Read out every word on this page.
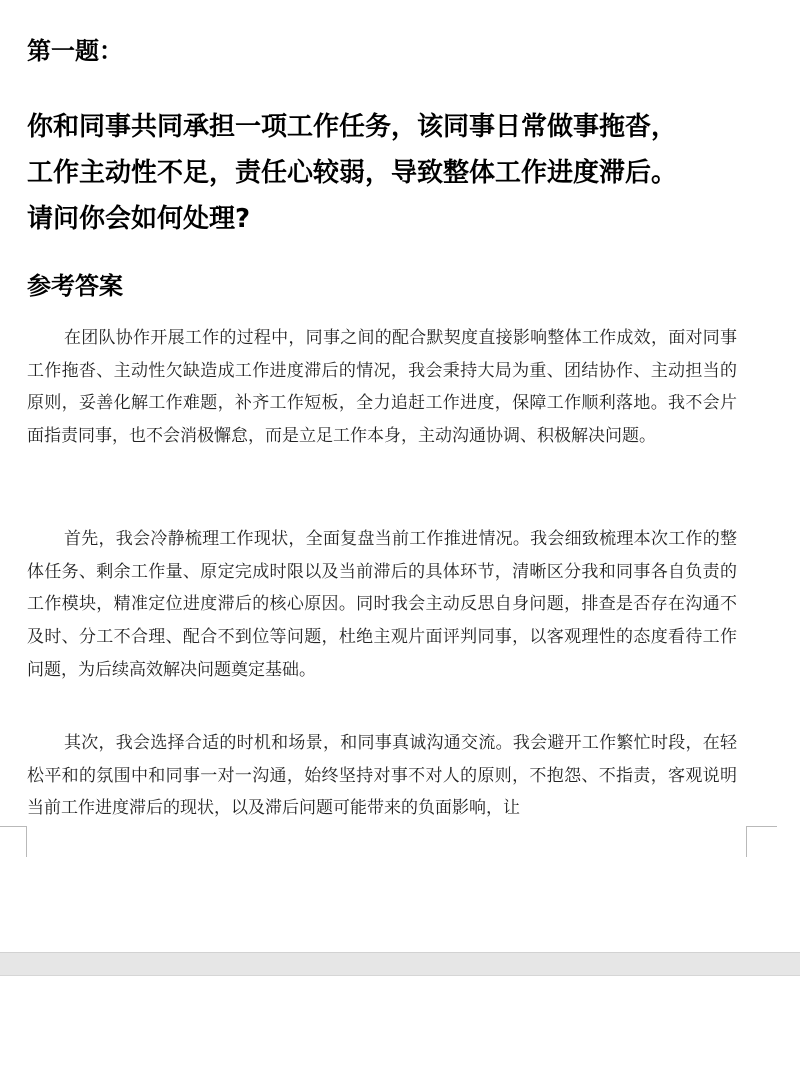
第一题：
你和同事共同承担一项工作任务，该同事日常做事拖沓，
工作主动性不足，责任心较弱，导致整体工作进度滞后。
请问你会如何处理?
参考答案

在团队协作开展工作的过程中，同事之间的配合默契度直接影响整体工作成效，面对同事工作拖沓、主动性欠缺造成工作进度滞后的情况，我会秉持大局为重、团结协作、主动担当的原则，妥善化解工作难题，补齐工作短板，全力追赶工作进度，保障工作顺利落地。我不会片面指责同事，也不会消极懈怠，而是立足工作本身，主动沟通协调、积极解决问题。

首先，我会冷静梳理工作现状，全面复盘当前工作推进情况。我会细致梳理本次工作的整体任务、剩余工作量、原定完成时限以及当前滞后的具体环节，清晰区分我和同事各自负责的工作模块，精准定位进度滞后的核心原因。同时我会主动反思自身问题，排查是否存在沟通不及时、分工不合理、配合不到位等问题，杜绝主观片面评判同事，以客观理性的态度看待工作问题，为后续高效解决问题奠定基础。

其次，我会选择合适的时机和场景，和同事真诚沟通交流。我会避开工作繁忙时段，在轻松平和的氛围中和同事一对一沟通，始终坚持对事不对人的原则，不抱怨、不指责，客观说明当前工作进度滞后的现状，以及滞后问题可能带来的负面影响，让
